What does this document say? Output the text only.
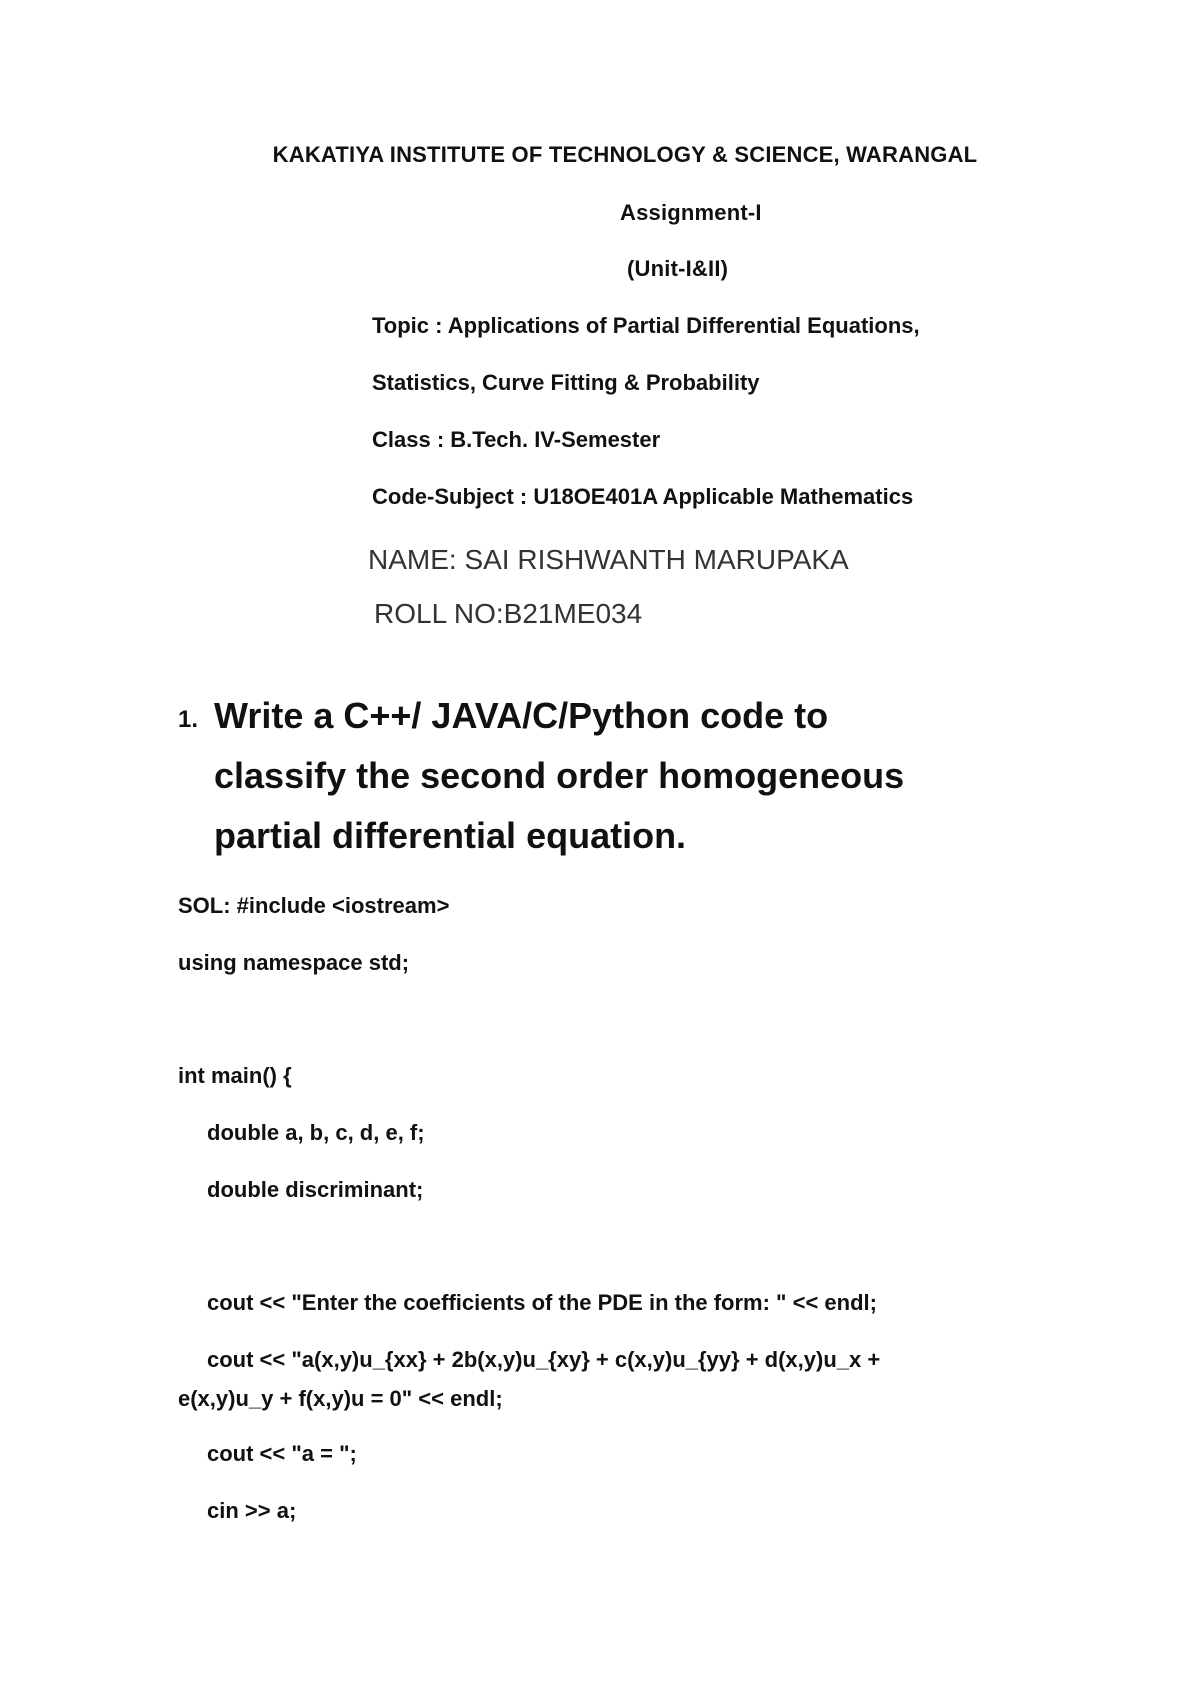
KAKATIYA INSTITUTE OF TECHNOLOGY & SCIENCE, WARANGAL
Assignment-I
(Unit-I&II)
Topic : Applications of Partial Differential Equations,
Statistics, Curve Fitting & Probability
Class : B.Tech. IV-Semester
Code-Subject : U18OE401A Applicable Mathematics
NAME: SAI RISHWANTH MARUPAKA
ROLL NO:B21ME034
1. Write a C++/ JAVA/C/Python code to
classify the second order homogeneous
partial differential equation.
SOL: #include <iostream>
using namespace std;
int main() {
double a, b, c, d, e, f;
double discriminant;
cout << "Enter the coefficients of the PDE in the form: " << endl;
cout << "a(x,y)u_{xx} + 2b(x,y)u_{xy} + c(x,y)u_{yy} + d(x,y)u_x +
e(x,y)u_y + f(x,y)u = 0" << endl;
cout << "a = ";
cin >> a;
